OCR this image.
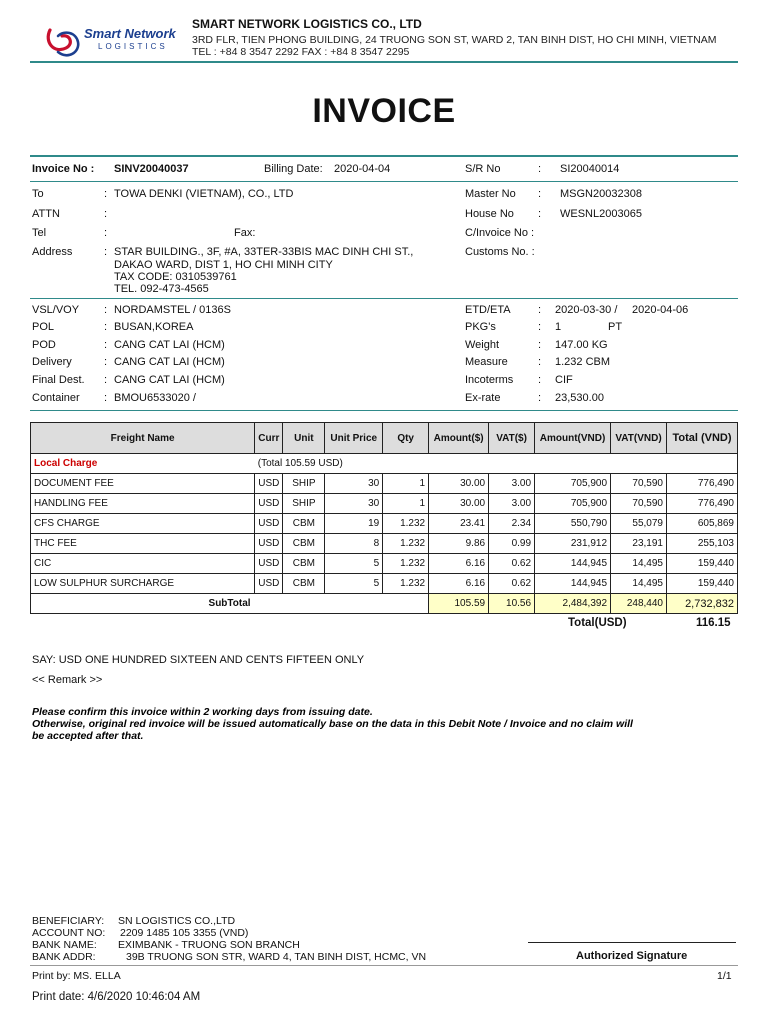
Smart Network
LOGISTICS
SMART NETWORK LOGISTICS CO., LTD
3RD FLR, TIEN PHONG BUILDING, 24 TRUONG SON ST, WARD 2, TAN BINH DIST, HO CHI MINH, VIETNAM
TEL : +84 8 3547 2292 FAX : +84 8 3547 2295
INVOICE
Invoice No : SINV20040037	Billing Date: 2020-04-04	S/R No	: SI20040014
To	: TOWA DENKI (VIETNAM), CO., LTD
ATTN	:
Tel	:	Fax:
Address	: STAR BUILDING., 3F, #A, 33TER-33BIS MAC DINH CHI ST.,
DAKAO WARD, DIST 1, HO CHI MINH CITY
TAX CODE: 0310539761
TEL. 092-473-4565
Master No : MSGN20032308
House No : WESNL2003065
C/Invoice No :
Customs No. :
VSL/VOY : NORDAMSTEL / 0136S
POL	: BUSAN,KOREA
POD	: CANG CAT LAI (HCM)
Delivery	: CANG CAT LAI (HCM)
Final Dest. : CANG CAT LAI (HCM)
Container : BMOU6533020 /
ETD/ETA : 2020-03-30 / 2020-04-06
PKG's	: 1	PT
Weight	: 147.00 KG
Measure	: 1.232 CBM
Incoterms : CIF
Ex-rate	: 23,530.00
Freight Name	Curr	Unit	Unit Price	Qty	Amount($)	VAT($)	Amount(VND)	VAT(VND)	Total (VND)
Local Charge	(Total 105.59 USD)								
DOCUMENT FEE	USD	SHIP	30	1	30.00	3.00	705,900	70,590	776,490
HANDLING FEE	USD	SHIP	30	1	30.00	3.00	705,900	70,590	776,490
CFS CHARGE	USD	CBM	19	1.232	23.41	2.34	550,790	55,079	605,869
THC FEE	USD	CBM	8	1.232	9.86	0.99	231,912	23,191	255,103
CIC	USD	CBM	5	1.232	6.16	0.62	144,945	14,495	159,440
LOW SULPHUR SURCHARGE	USD	CBM	5	1.232	6.16	0.62	144,945	14,495	159,440
SubTotal					105.59	10.56	2,484,392	248,440	2,732,832
Total(USD)	116.15
SAY: USD ONE HUNDRED SIXTEEN AND CENTS FIFTEEN ONLY
<< Remark >>
Please confirm this invoice within 2 working days from issuing date.
Otherwise, original red invoice will be issued automatically base on the data in this Debit Note / Invoice and no claim will
be accepted after that.
BENEFICIARY: SN LOGISTICS CO.,LTD
ACCOUNT NO: 2209 1485 105 3355 (VND)
BANK NAME: EXIMBANK - TRUONG SON BRANCH
BANK ADDR:	39B TRUONG SON STR, WARD 4, TAN BINH DIST, HCMC, VN	Authorized Signature
Print by: MS. ELLA	1/1
Print date: 4/6/2020 10:46:04 AM
